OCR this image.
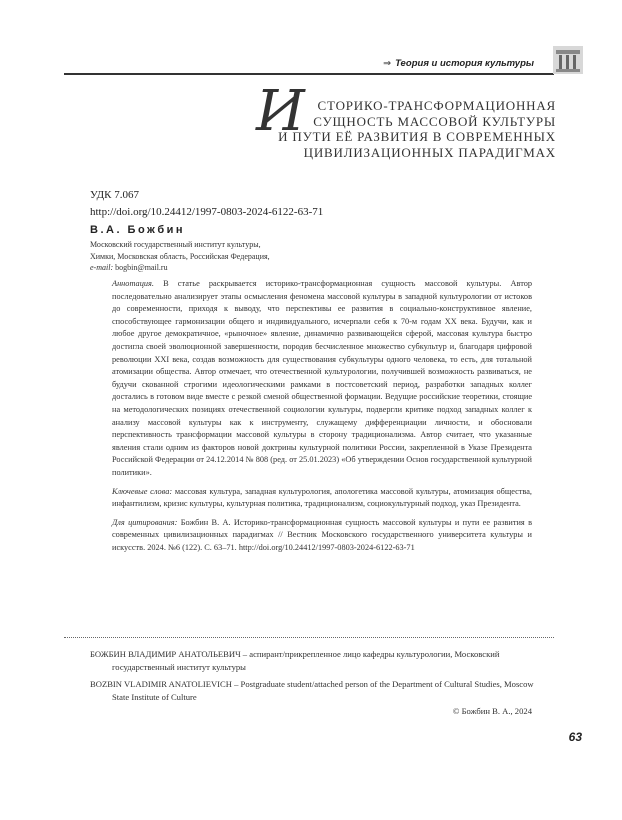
⇒ Теория и история культуры
И СТОРИКО-ТРАНСФОРМАЦИОННАЯ
СУЩНОСТЬ МАССОВОЙ КУЛЬТУРЫ
И ПУТИ ЕЁ РАЗВИТИЯ В СОВРЕМЕННЫХ
ЦИВИЛИЗАЦИОННЫХ ПАРАДИГМАХ
УДК 7.067
http://doi.org/10.24412/1997-0803-2024-6122-63-71
В.А. Божбин
Московский государственный институт культуры,
Химки, Московская область, Российская Федерация,
e-mail: bogbin@mail.ru

Аннотация. В статье раскрывается историко-трансформационная сущность массовой культуры. Автор последовательно анализирует этапы осмысления феномена массовой культуры в западной культурологии от истоков до современности, приходя к выводу, что перспективы ее развития в социально-конструктивное явление, способствующее гармонизации общего и индивидуального, исчерпали себя к 70-м годам XX века. Будучи, как и любое другое демократичное, «рыночное» явление, динамично развивающейся сферой, массовая культура быстро достигла своей эволюционной завершенности, породив бесчисленное множество субкультур и, благодаря цифровой революции XXI века, создав возможность для существования субкультуры одного человека, то есть, для тотальной атомизации общества. Автор отмечает, что отечественной культурологии, получившей возможность развиваться, не будучи скованной строгими идеологическими рамками в постсоветский период, разработки западных коллег достались в готовом виде вместе с резкой сменой общественной формации. Ведущие российские теоретики, стоящие на методологических позициях отечественной социологии культуры, подвергли критике подход западных коллег к анализу массовой культуры как к инструменту, служащему дифференциации личности, и обосновали перспективность трансформации массовой культуры в сторону традиционализма. Автор считает, что указанные явления стали одним из факторов новой доктрины культурной политики России, закрепленной в Указе Президента Российской Федерации от 24.12.2014 № 808 (ред. от 25.01.2023) «Об утверждении Основ государственной культурной политики».

Ключевые слова: массовая культура, западная культурология, апологетика массовой культуры, атомизация общества, инфантилизм, кризис культуры, культурная политика, традиционализм, социокультурный подход, указ Президента.

Для цитирования: Божбин В. А. Историко-трансформационная сущность массовой культуры и пути ее развития в современных цивилизационных парадигмах // Вестник Московского государственного университета культуры и искусств. 2024. №6 (122). С. 63–71. http://doi.org/10.24412/1997-0803-2024-6122-63-71

БОЖБИН ВЛАДИМИР АНАТОЛЬЕВИЧ – аспирант/прикрепленное лицо кафедры культурологии, Московский государственный институт культуры

BOZBIN VLADIMIR ANATOLIEVICH – Postgraduate student/attached person of the Department of Cultural Studies, Moscow State Institute of Culture

© Божбин В. А., 2024
63
